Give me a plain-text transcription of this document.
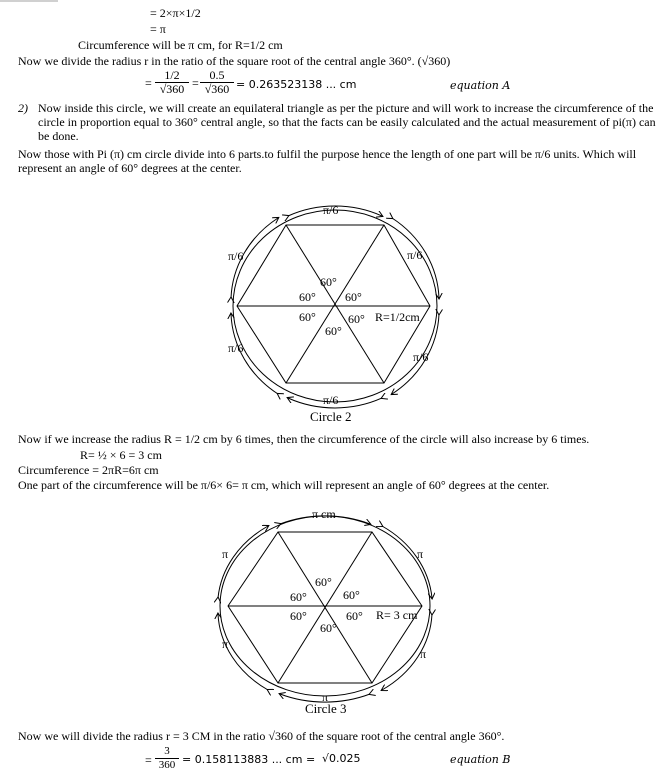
= 2×π×1/2
= π
Circumference will be π cm, for R=1/2 cm
Now we divide the radius r in the ratio of the square root of the central angle 360°. (√360)
= $\frac{1/2}{√360} = \frac{0.5}{√360} = 0.263523138$ ... cm	equation A
2) Now inside this circle, we will create an equilateral triangle as per the picture and will work to increase the circumference of the circle in proportion equal to 360° central angle, so that the facts can be easily calculated and the actual measurement of pi(π) can be done.
Now those with Pi (π) cm circle divide into 6 parts.to fulfil the purpose hence the length of one part will be π/6 units. Which will represent an angle of 60° degrees at the center.
π/6
π/6
π/6
π/6
π/6
π/6
60°
60° 60°
60°	60°
60°
R=1/2cm
Circle 2
Now if we increase the radius R = 1/2 cm by 6 times, then the circumference of the circle will also increase by 6 times.
R= ½ × 6 = 3 cm
Circumference = 2πR=6π cm
One part of the circumference will be π/6× 6= π cm, which will represent an angle of 60° degrees at the center.
π cm
π
π
π
π
π
60°
60°	60°
60°	60°
60°
R= 3 cm
Circle 3
Now we will divide the radius r = 3 CM in the ratio √360 of the square root of the central angle 360°.
= $\frac{3}{360} = 0.158113883$ ... cm = √0.025	equation B
